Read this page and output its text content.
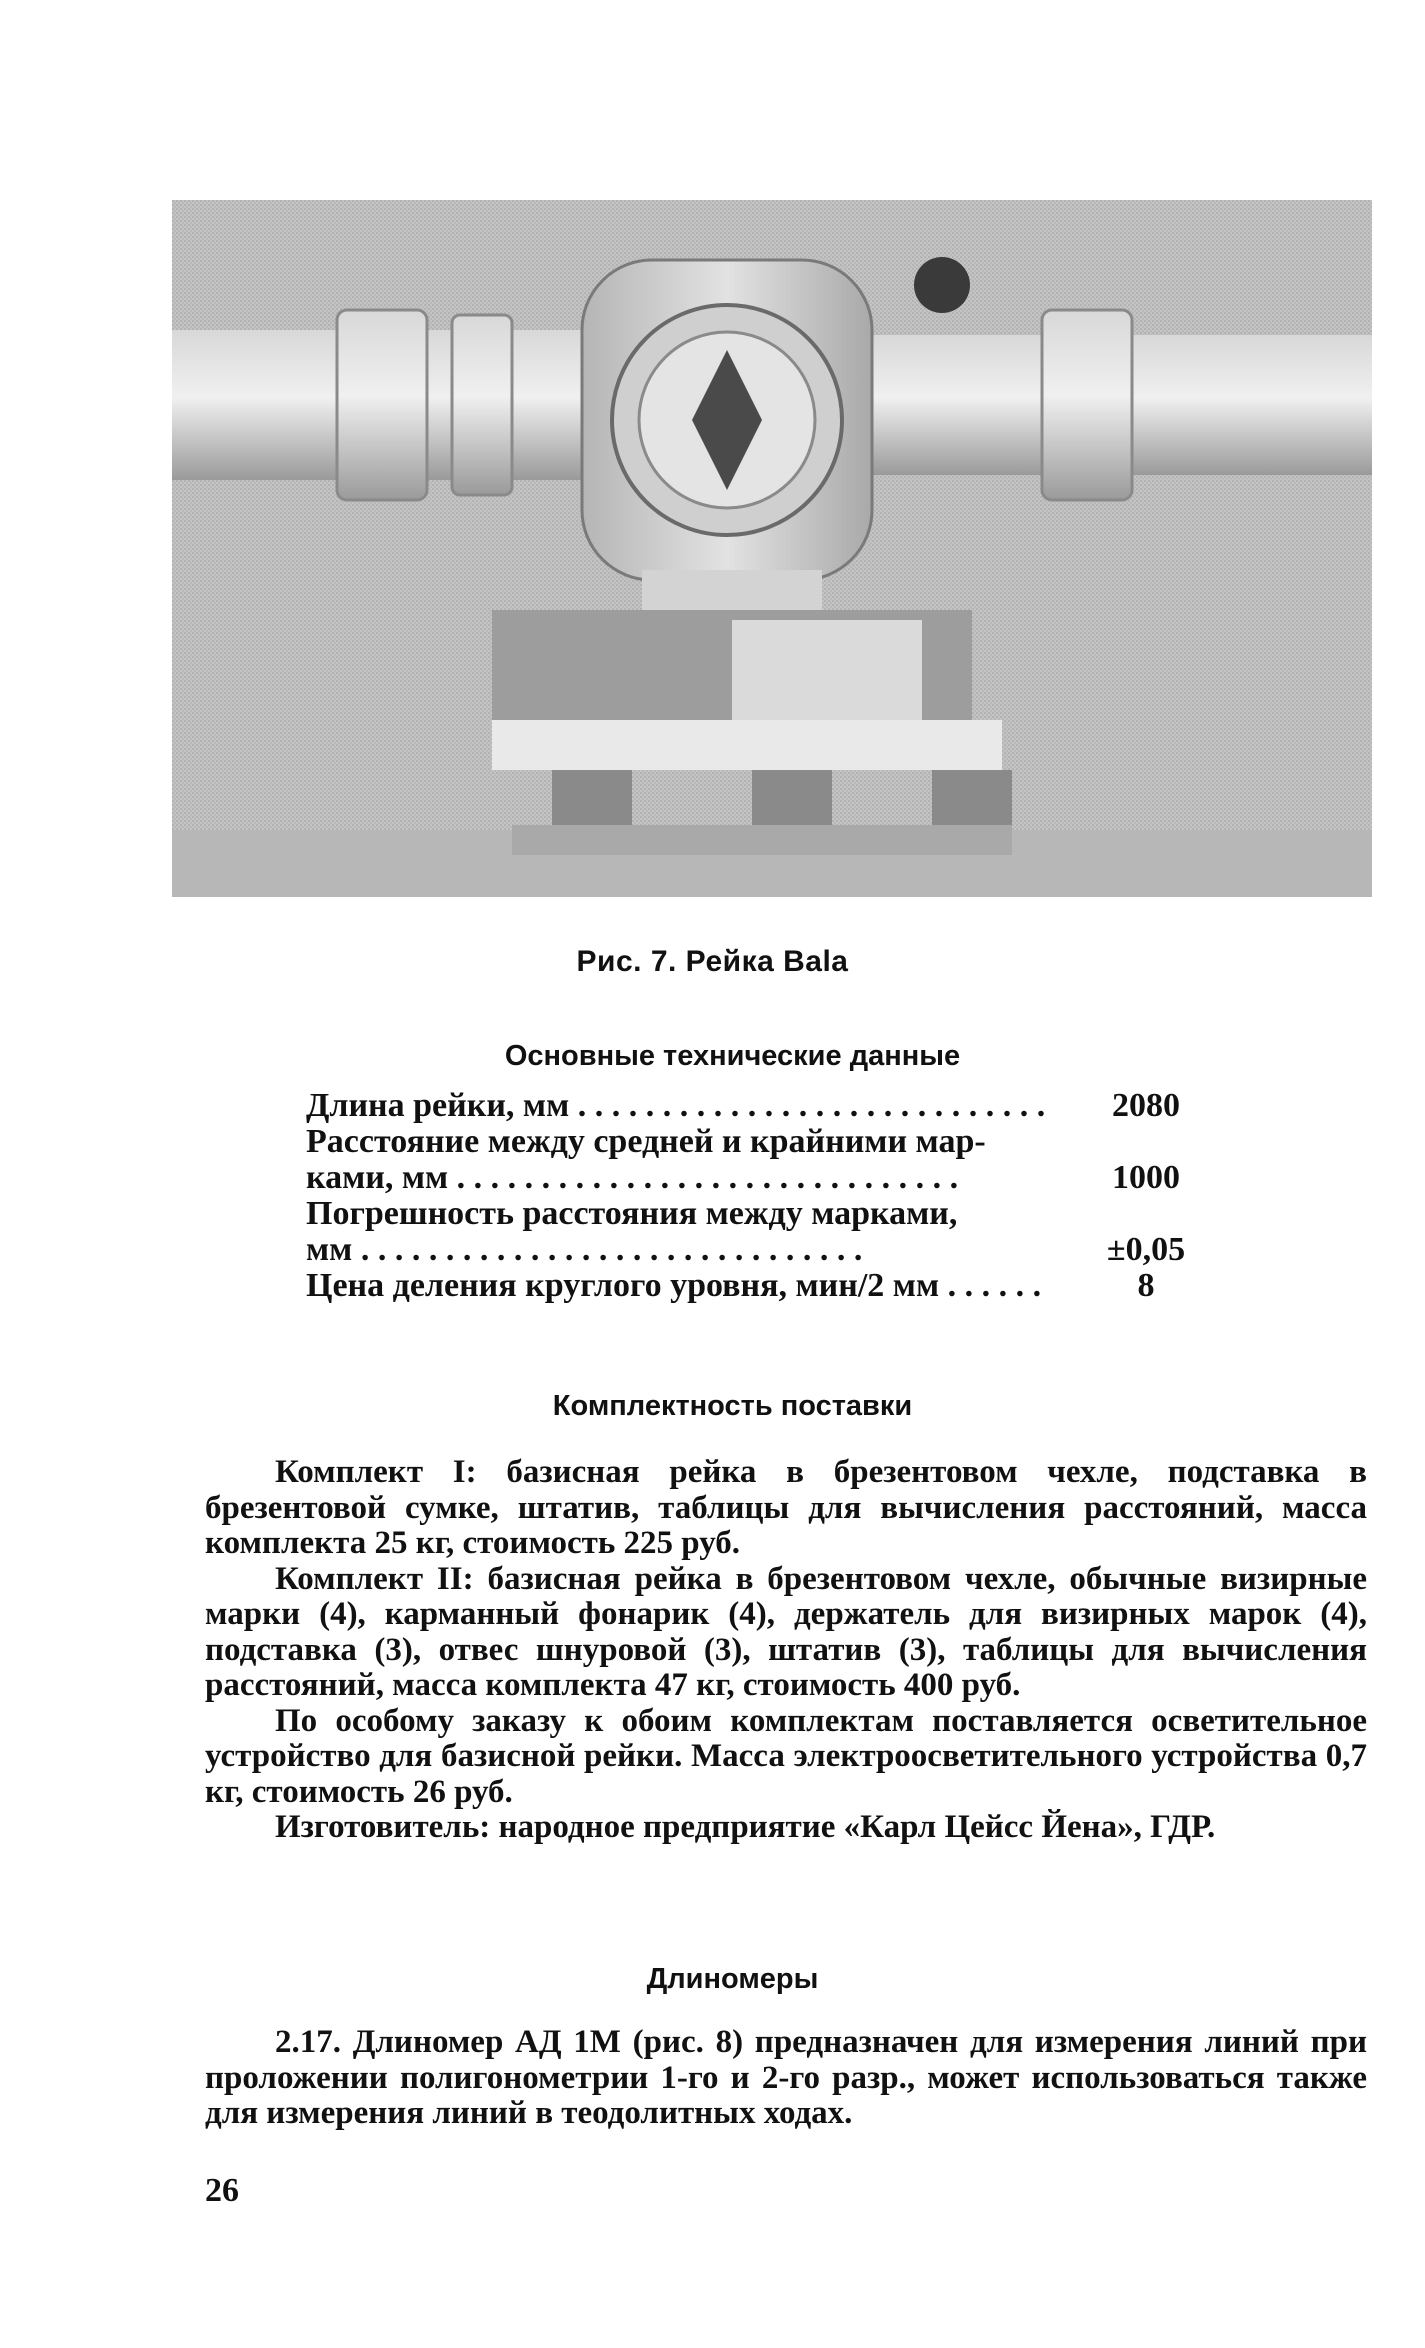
Рис. 7. Рейка Bala
Основные технические данные
Длина рейки, мм . . .	2080
Расстояние между средней и крайними мар-
ками, мм . . .	1000
Погрешность расстояния между марками,
мм . . .	±0,05
Цена деления круглого уровня, мин/2 мм . . .	8
Комплектность поставки

Комплект I: базисная рейка в брезентовом чехле, подставка в брезентовой сумке, штатив, таблицы для вычисления расстояний, масса комплекта 25 кг, стоимость 225 руб.

Комплект II: базисная рейка в брезентовом чехле, обычные визирные марки (4), карманный фонарик (4), держатель для визирных марок (4), подставка (3), отвес шнуровой (3), штатив (3), таблицы для вычисления расстояний, масса комплекта 47 кг, стоимость 400 руб.

По особому заказу к обоим комплектам поставляется осветительное устройство для базисной рейки. Масса электроосветительного устройства 0,7 кг, стоимость 26 руб.

Изготовитель: народное предприятие «Карл Цейсс Йена», ГДР.

Длиномеры

2.17. Длиномер АД 1М (рис. 8) предназначен для измерения линий при проложении полигонометрии 1-го и 2-го разр., может использоваться также для измерения линий в теодолитных ходах.

26
